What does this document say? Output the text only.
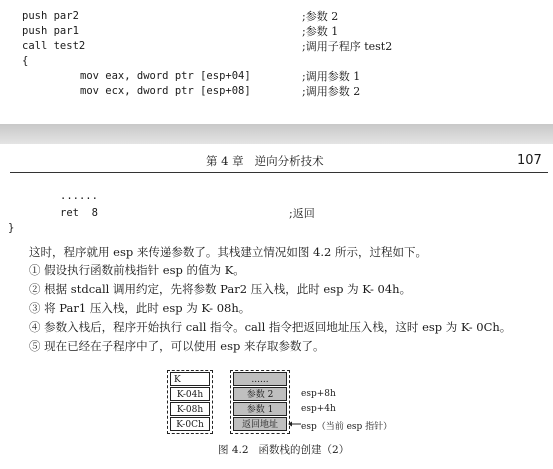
push par2	;参数 2
push par1	;参数 1
call test2	;调用子程序 test2
{
mov eax, dword ptr [esp+04]	;调用参数 1
mov ecx, dword ptr [esp+08]	;调用参数 2
第 4 章   逆向分析技术	107
......
ret  8	;返回
}
这时，程序就用 esp 来传递参数了。其栈建立情况如图 4.2 所示，过程如下。
① 假设执行函数前栈指针 esp 的值为 K。
② 根据 stdcall 调用约定，先将参数 Par2 压入栈，此时 esp 为 K- 04h。
③ 将 Par1 压入栈，此时 esp 为 K- 08h。
④ 参数入栈后，程序开始执行 call 指令。call 指令把返回地址压入栈，这时 esp 为 K- 0Ch。
⑤ 现在已经在子程序中了，可以使用 esp 来存取参数了。
K
K-04h
K-08h
K-0Ch
......
参数 2
参数 1
返回地址
esp+8h
esp+4h
esp（当前 esp 指针）
图 4.2   函数栈的创建（2）
